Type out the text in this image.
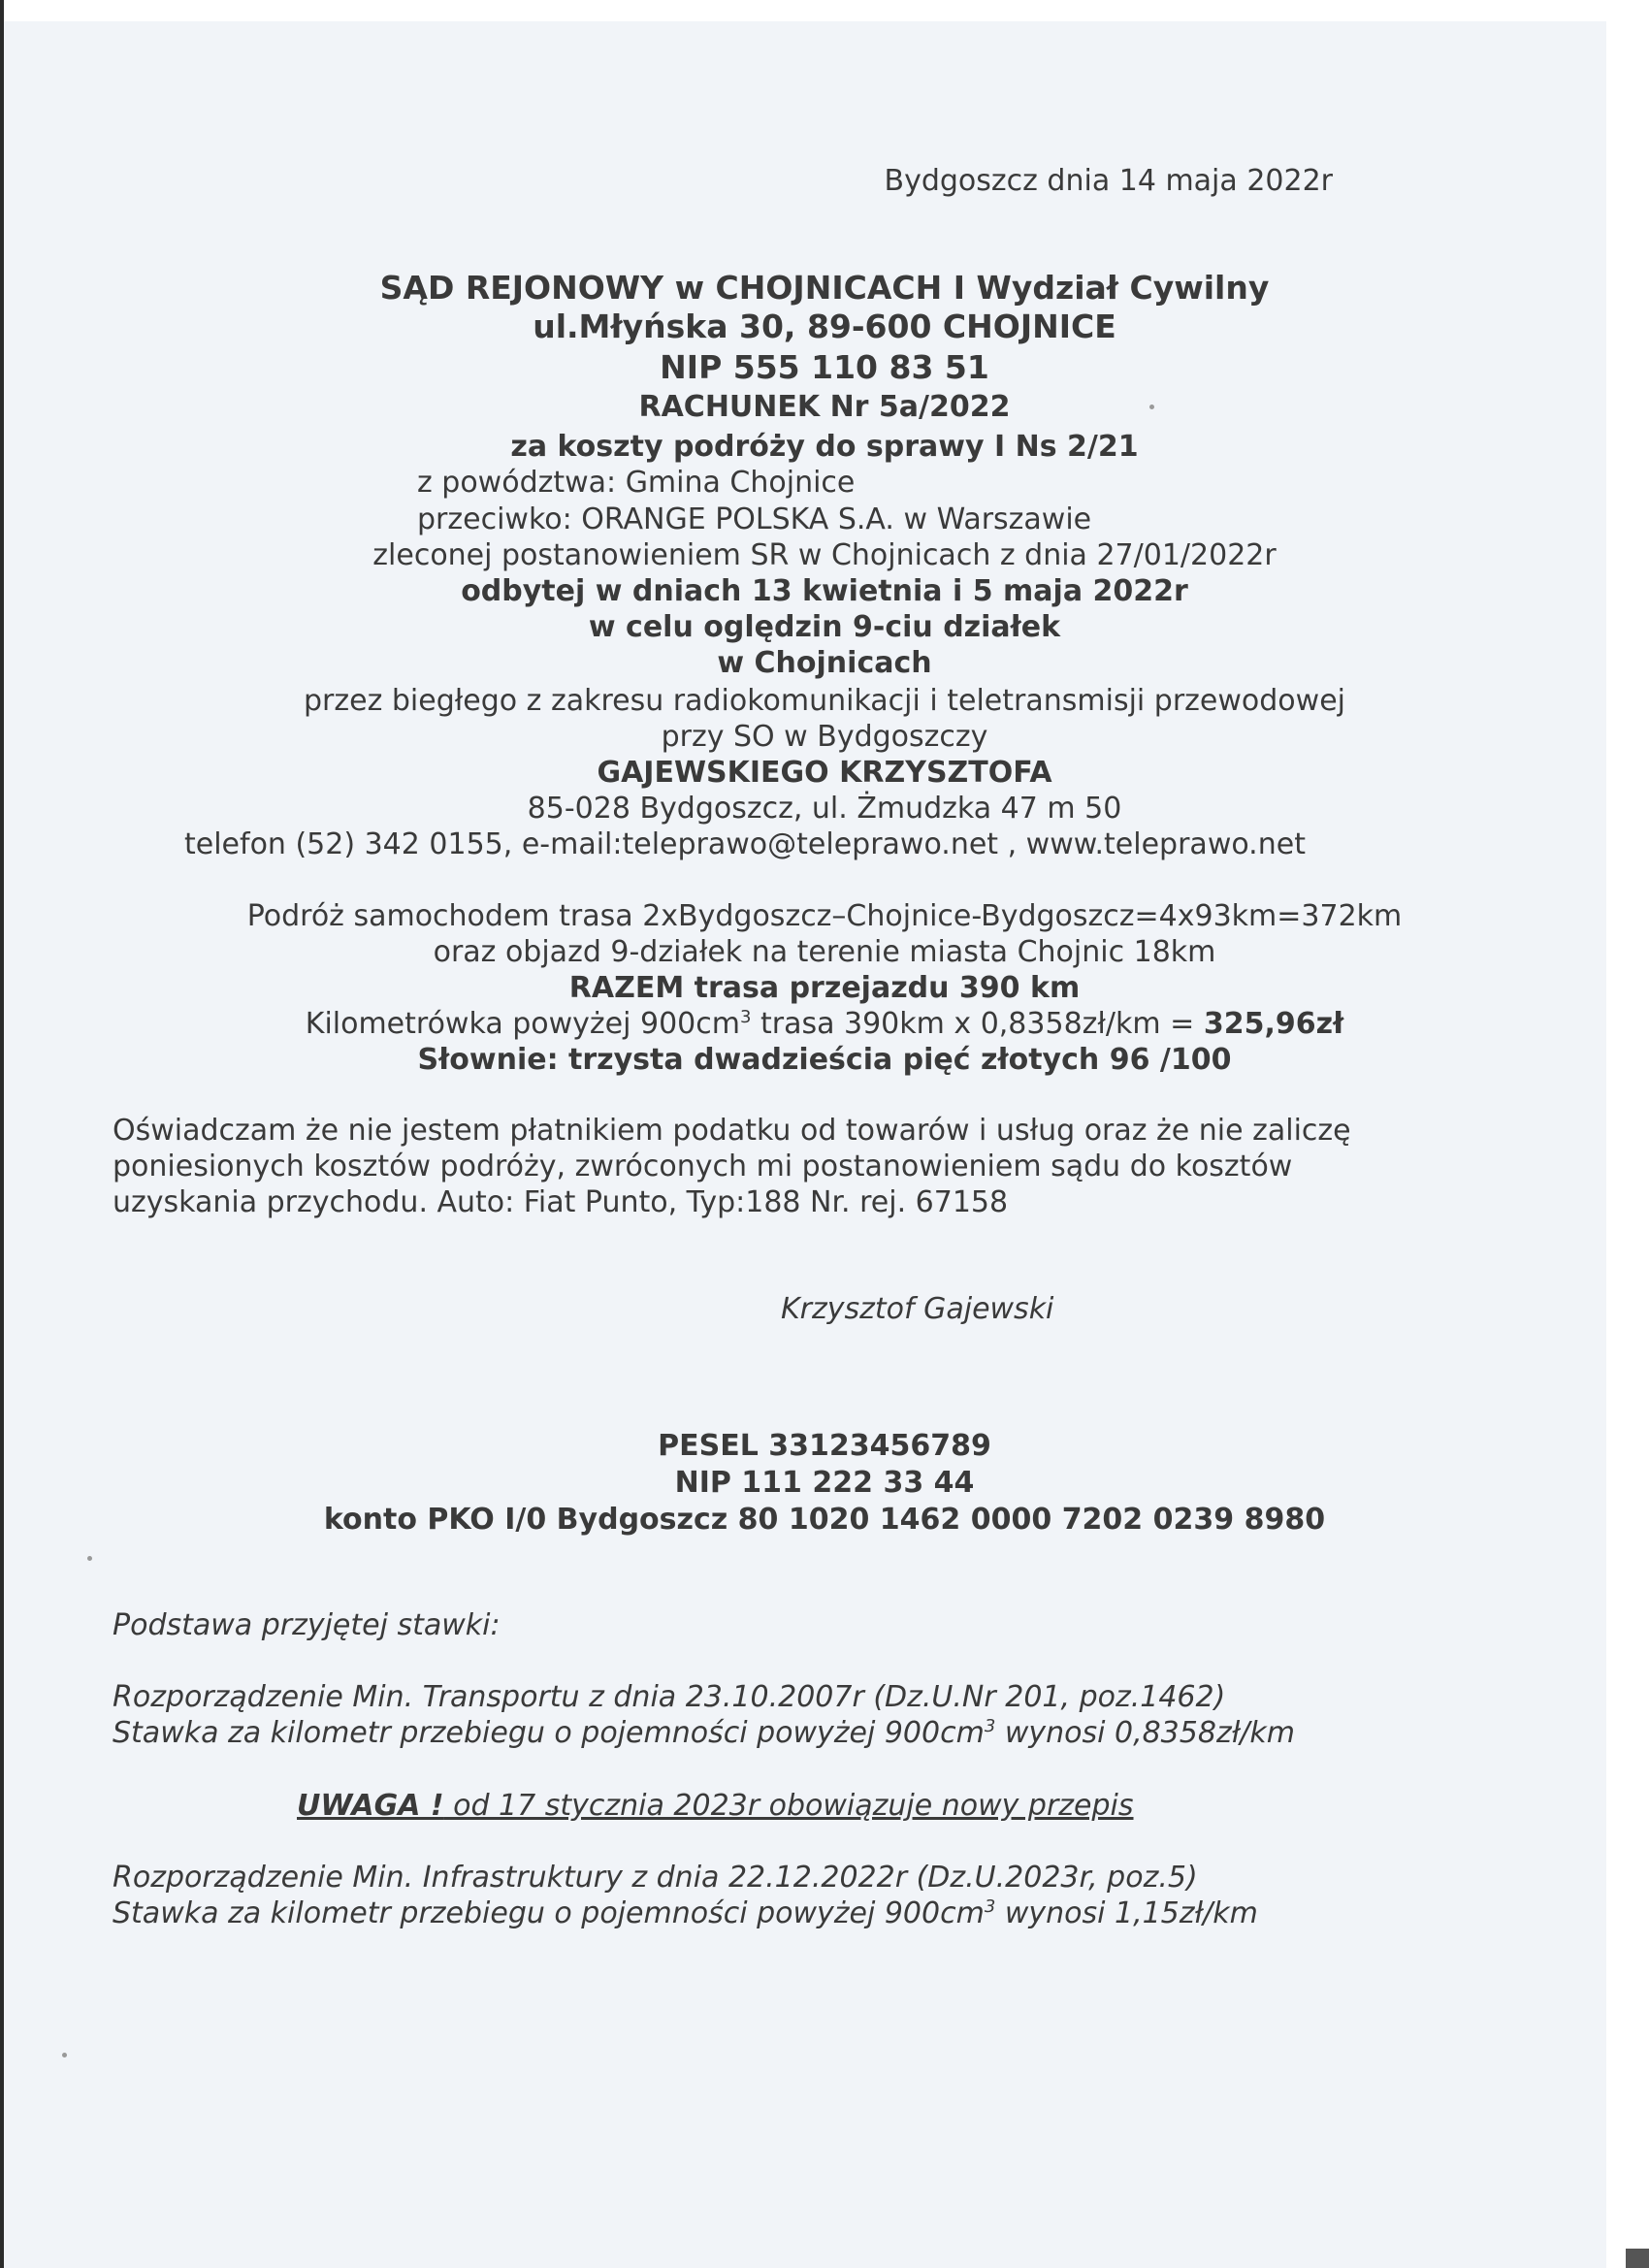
Bydgoszcz dnia 14 maja 2022r
SĄD REJONOWY w CHOJNICACH I Wydział Cywilny
ul.Młyńska 30, 89-600 CHOJNICE
NIP 555 110 83 51
RACHUNEK Nr 5a/2022
za koszty podróży do sprawy I Ns 2/21
z powództwa: Gmina Chojnice
przeciwko: ORANGE POLSKA S.A. w Warszawie
zleconej postanowieniem SR w Chojnicach z dnia 27/01/2022r
odbytej w dniach 13 kwietnia i 5 maja 2022r
w celu oględzin 9-ciu działek
w Chojnicach
przez biegłego z zakresu radiokomunikacji i teletransmisji przewodowej
przy SO w Bydgoszczy
GAJEWSKIEGO KRZYSZTOFA
85-028 Bydgoszcz, ul. Żmudzka 47 m 50
telefon (52) 342 0155, e-mail:teleprawo@teleprawo.net , www.teleprawo.net
Podróż samochodem trasa 2xBydgoszcz–Chojnice-Bydgoszcz=4x93km=372km
oraz objazd 9-działek na terenie miasta Chojnic 18km
RAZEM trasa przejazdu 390 km
Kilometrówka powyżej $900cm^3$ trasa 390km x 0,8358zł/km = 325,96zł
Słownie: trzysta dwadzieścia pięć złotych 96 /100
Oświadczam że nie jestem płatnikiem podatku od towarów i usług oraz że nie zaliczę
poniesionych kosztów podróży, zwróconych mi postanowieniem sądu do kosztów
uzyskania przychodu. Auto: Fiat Punto, Typ:188 Nr. rej. 67158
Krzysztof Gajewski
PESEL 33123456789
NIP 111 222 33 44
konto PKO I/0 Bydgoszcz 80 1020 1462 0000 7202 0239 8980
Podstawa przyjętej stawki:
Rozporządzenie Min. Transportu z dnia 23.10.2007r (Dz.U.Nr 201, poz.1462)
Stawka za kilometr przebiegu o pojemności powyżej $900cm^3$ wynosi 0,8358zł/km
UWAGA ! od 17 stycznia 2023r obowiązuje nowy przepis
Rozporządzenie Min. Infrastruktury z dnia 22.12.2022r (Dz.U.2023r, poz.5)
Stawka za kilometr przebiegu o pojemności powyżej $900cm^3$ wynosi 1,15zł/km
